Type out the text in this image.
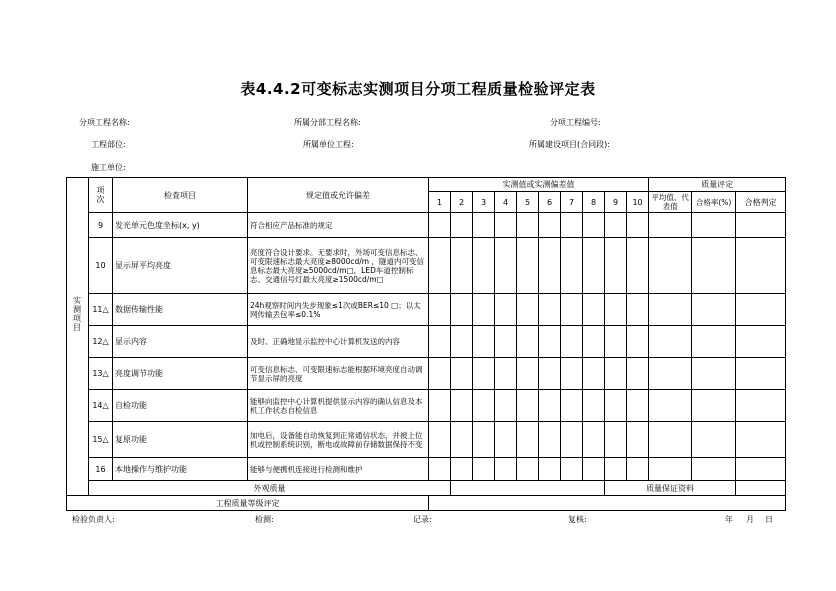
表4.4.2可变标志实测项目分项工程质量检验评定表
分项工程名称:	所属分部工程名称:	分项工程编号:
工程部位:	所属单位工程:	所属建设项目(合同段):
施工单位:
	项次	检查项目	规定值或允许偏差	实测值或实测偏差值										质量评定		
				1	2	3	4	5	6	7	8	9	10	平均值、代表值	合格率(%)	合格判定
	9	发光单元色度坐标(x, y)	符合相应产品标准的规定													
	10	显示屏平均亮度	亮度符合设计要求。无要求时，外场可变信息标志、可变限速标志最大亮度≥8000cd/m ，隧道内可变信息标志最大亮度≥5000cd/m□，LED车道控制标志、交通信号灯最大亮度≥1500cd/m□													
	11△	数据传输性能	24h观察时间内失步现象≤1次或BER≤10 □；以太网传输丢包率≤0.1%													
	12△	显示内容	及时、正确地显示监控中心计算机发送的内容													
	13△	亮度调节功能	可变信息标志、可变限速标志能根据环境亮度自动调节显示屏的亮度													
	14△	自检功能	能够向监控中心计算机提供显示内容的确认信息及本机工作状态自检信息													
	15△	复原功能	加电后，设备能自动恢复到正常通信状态，并被上位机或控制系统识别，断电或故障前存储数据保持不变													
	16	本地操作与维护功能	能够与便携机连接进行检测和维护													
	外观质量											质量保证资料				
工程质量等级评定																
实测项目
检验负责人:	检测:	记录:	复核:	年 月 日
